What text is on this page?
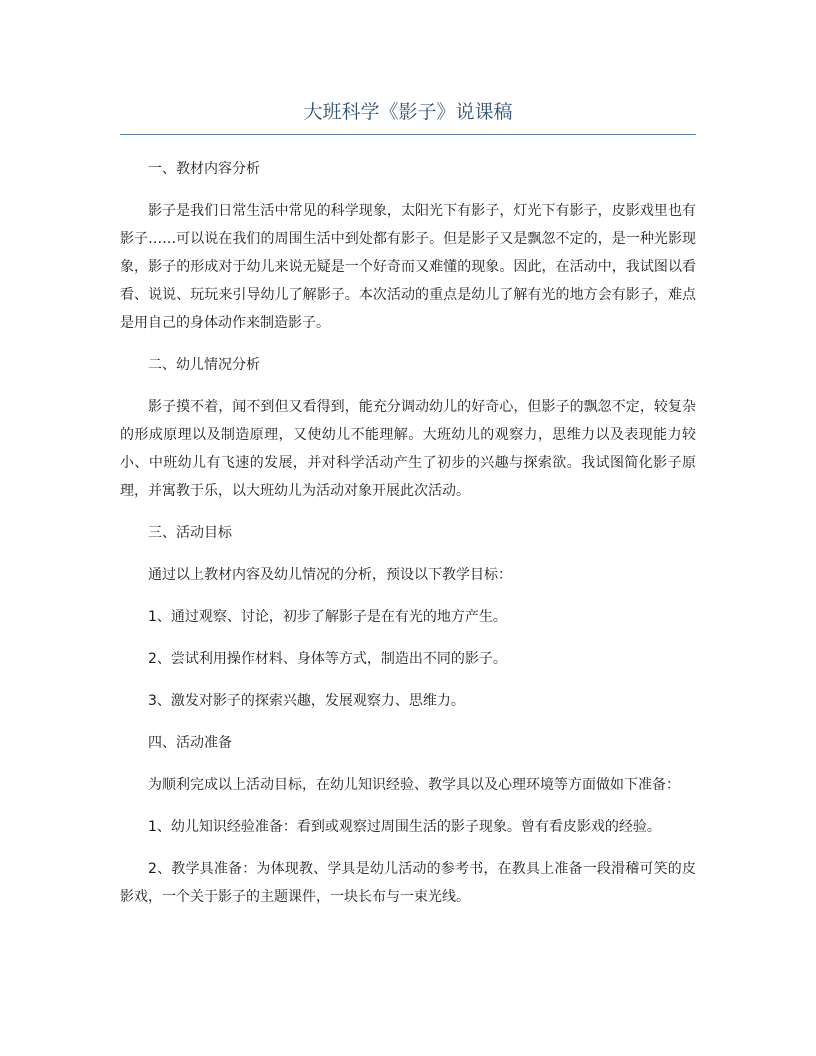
大班科学《影子》说课稿

一、教材内容分析

影子是我们日常生活中常见的科学现象，太阳光下有影子，灯光下有影子，皮影戏里也有影子……可以说在我们的周围生活中到处都有影子。但是影子又是飘忽不定的，是一种光影现象，影子的形成对于幼儿来说无疑是一个好奇而又难懂的现象。因此，在活动中，我试图以看看、说说、玩玩来引导幼儿了解影子。本次活动的重点是幼儿了解有光的地方会有影子，难点是用自己的身体动作来制造影子。

二、幼儿情况分析

影子摸不着，闻不到但又看得到，能充分调动幼儿的好奇心，但影子的飘忽不定，较复杂的形成原理以及制造原理，又使幼儿不能理解。大班幼儿的观察力，思维力以及表现能力较小、中班幼儿有飞速的发展，并对科学活动产生了初步的兴趣与探索欲。我试图简化影子原理，并寓教于乐，以大班幼儿为活动对象开展此次活动。

三、活动目标

通过以上教材内容及幼儿情况的分析，预设以下教学目标：

1、通过观察、讨论，初步了解影子是在有光的地方产生。

2、尝试利用操作材料、身体等方式，制造出不同的影子。

3、激发对影子的探索兴趣，发展观察力、思维力。

四、活动准备

为顺利完成以上活动目标，在幼儿知识经验、教学具以及心理环境等方面做如下准备：

1、幼儿知识经验准备：看到或观察过周围生活的影子现象。曾有看皮影戏的经验。

2、教学具准备：为体现教、学具是幼儿活动的参考书，在教具上准备一段滑稽可笑的皮影戏，一个关于影子的主题课件，一块长布与一束光线。
